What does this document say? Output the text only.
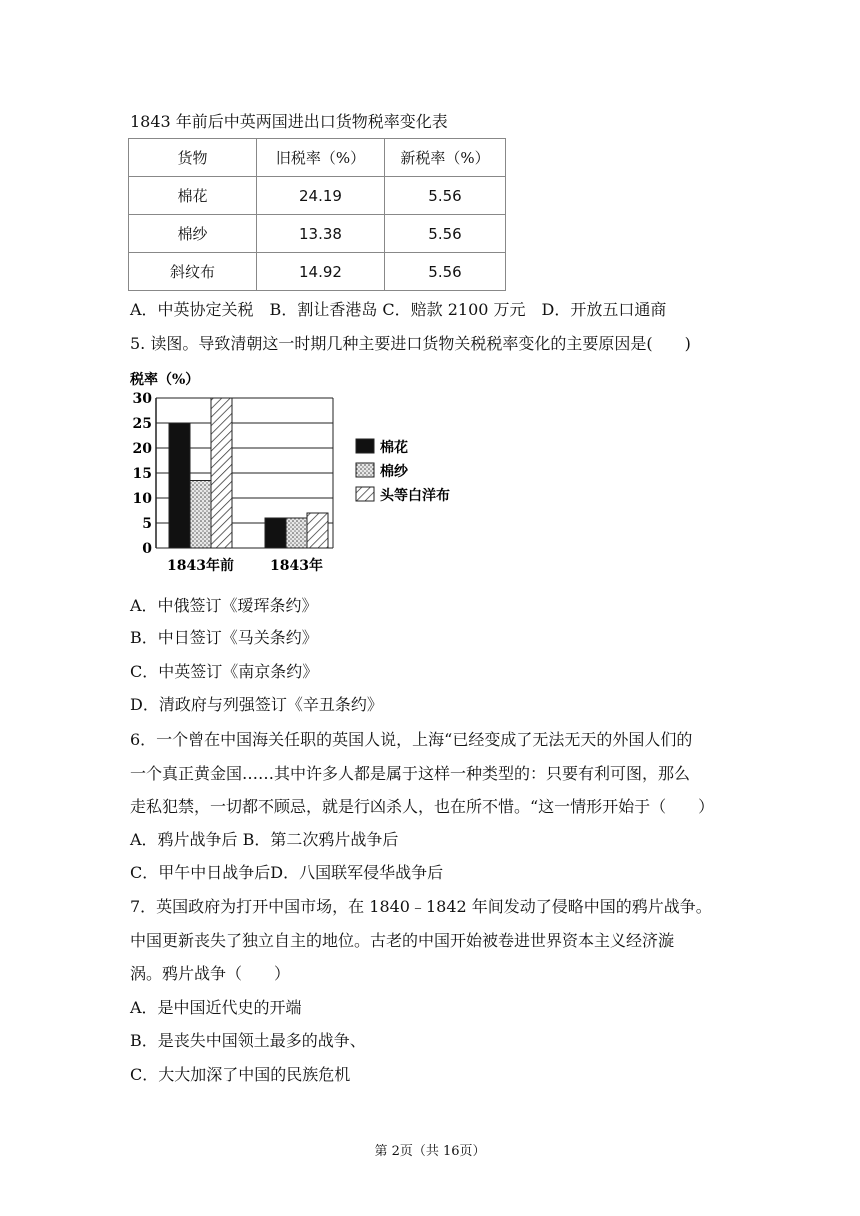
1843 年前后中英两国进出口货物税率变化表
货物	旧税率（%）	新税率（%）
棉花	24.19	5.56
棉纱	13.38	5.56
斜纹布	14.92	5.56
A．中英协定关税　B．割让香港岛 C．赔款 2100 万元　D．开放五口通商
5. 读图。导致清朝这一时期几种主要进口货物关税税率变化的主要原因是(　　)
税率（%）
0
5
10
15
20
25
30
1843年前	1843年
棉花
棉纱
头等白洋布
A．中俄签订《瑷珲条约》
B．中日签订《马关条约》
C．中英签订《南京条约》
D．清政府与列强签订《辛丑条约》
6．一个曾在中国海关任职的英国人说，上海“已经变成了无法无天的外国人们的
一个真正黄金国……其中许多人都是属于这样一种类型的：只要有利可图，那么
走私犯禁，一切都不顾忌，就是行凶杀人，也在所不惜。“这一情形开始于（　　）
A．鸦片战争后 B．第二次鸦片战争后
C．甲午中日战争后D．八国联军侵华战争后
7．英国政府为打开中国市场，在 1840﹣1842 年间发动了侵略中国的鸦片战争。
中国更新丧失了独立自主的地位。古老的中国开始被卷进世界资本主义经济漩
涡。鸦片战争（　　）
A．是中国近代史的开端
B．是丧失中国领土最多的战争、
C．大大加深了中国的民族危机
第 2页（共 16页）
